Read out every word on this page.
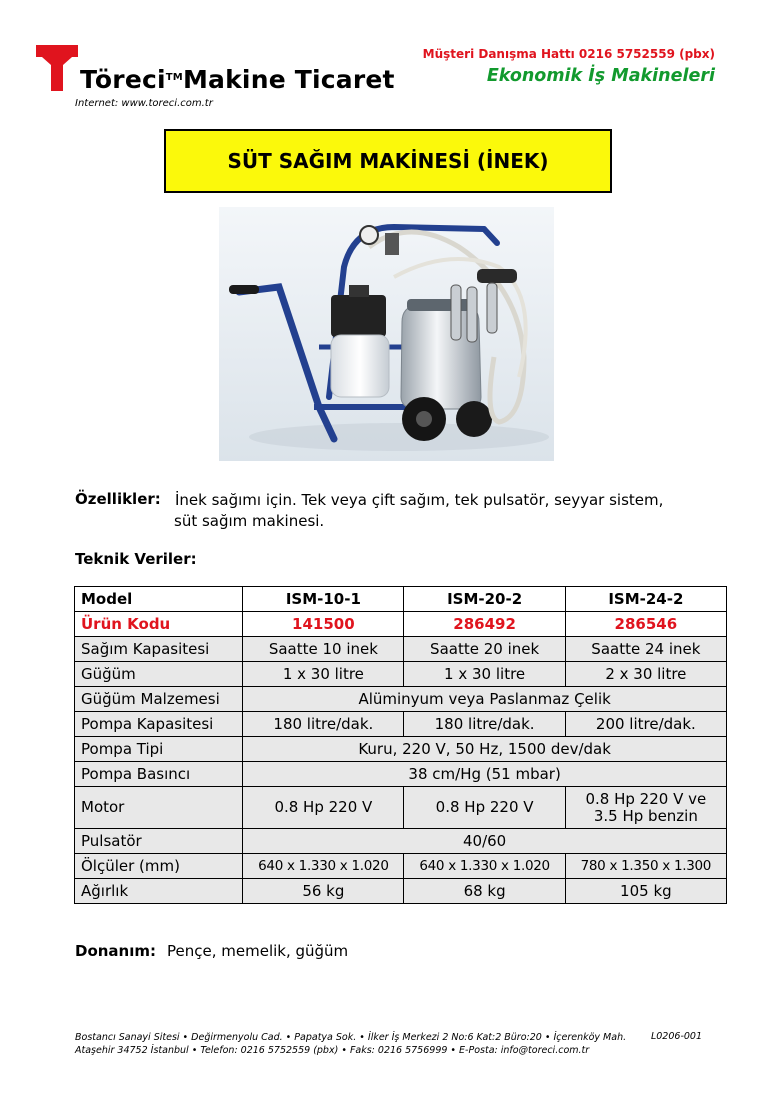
Töreci™Makine Ticaret
Internet: www.toreci.com.tr
Müşteri Danışma Hattı 0216 5752559 (pbx)
Ekonomik İş Makineleri
SÜT SAĞIM MAKİNESİ (İNEK)
Özellikler: İnek sağımı için. Tek veya çift sağım, tek pulsatör, seyyar sistem,
süt sağım makinesi.
Teknik Veriler:
Model	ISM-10-1	ISM-20-2	ISM-24-2
Ürün Kodu	141500	286492	286546
Sağım Kapasitesi	Saatte 10 inek	Saatte 20 inek	Saatte 24 inek
Güğüm	1 x 30 litre	1 x 30 litre	2 x 30 litre
Güğüm Malzemesi	Alüminyum veya Paslanmaz Çelik		
Pompa Kapasitesi	180 litre/dak.	180 litre/dak.	200 litre/dak.
Pompa Tipi	Kuru, 220 V, 50 Hz, 1500 dev/dak		
Pompa Basıncı	38 cm/Hg (51 mbar)		
Motor	0.8 Hp 220 V	0.8 Hp 220 V	0.8 Hp 220 V ve
3.5 Hp benzin

Pulsatör	40/60		
Ölçüler (mm)	640 x 1.330 x 1.020	640 x 1.330 x 1.020	780 x 1.350 x 1.300
Ağırlık	56 kg	68 kg	105 kg
Donanım: Pençe, memelik, güğüm
Bostancı Sanayi Sitesi • Değirmenyolu Cad. • Papatya Sok. • İlker İş Merkezi 2 No:6 Kat:2 Büro:20 • İçerenköy Mah.
Ataşehir 34752 İstanbul • Telefon: 0216 5752559 (pbx) • Faks: 0216 5756999 • E-Posta: info@toreci.com.tr
L0206-001
